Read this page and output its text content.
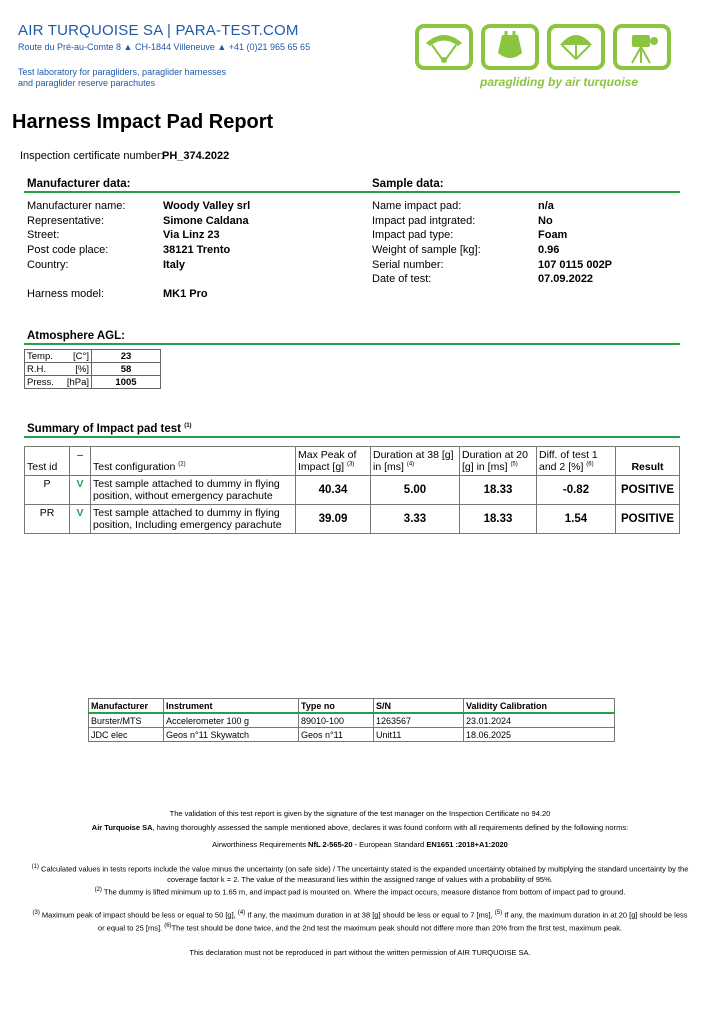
AIR TURQUOISE SA | PARA-TEST.COM
Route du Pré-au-Comte 8 ▲ CH-1844 Villeneuve ▲ +41 (0)21 965 65 65
Test laboratory for paragliders, paraglider harnesses
and paraglider reserve parachutes	paragliding by air turquoise
Harness Impact Pad Report
Inspection certificate number:
PH_374.2022
Manufacturer data:	Sample data:
Manufacturer name:	Woody Valley srl
Representative:	Simone Caldana
Street:	Via Linz 23
Post code place:	38121 Trento
Country:	Italy
Harness model:	MK1 Pro
Name impact pad:	n/a
Impact pad intgrated:	No
Impact pad type:	Foam
Weight of sample [kg]:	0.96
Serial number:	107 0115 002P
Date of test:	07.09.2022
Atmosphere AGL:
Temp. [C°]	23
R.H. [%]	58
Press. [hPa]	1005
Summary of Impact pad test $^{(1)}$
Test id	–	Test configuration $^{(2)}$	Max Peak of Impact [g] $^{(3)}$	Duration at 38 [g] in [ms] $^{(4)}$	Duration at 20 [g] in [ms] $^{(5)}$	Diff. of test 1 and 2 [%] $^{(6)}$	Result
P	V	Test sample attached to dummy in flying position, without emergency parachute	40.34	5.00	18.33	-0.82	POSITIVE
PR	V	Test sample attached to dummy in flying position, Including emergency parachute	39.09	3.33	18.33	1.54	POSITIVE
Manufacturer	Instrument	Type no	S/N	Validity Calibration
Burster/MTS	Accelerometer 100 g	89010-100	1263567	23.01.2024
JDC elec	Geos n°11 Skywatch	Geos n°11	Unit11	18.06.2025
The validation of this test report is given by the signature of the test manager on the Inspection Certificate no 94.20
Air Turquoise SA, having thoroughly assessed the sample mentioned above, declares it was found conform with all requirements defined by the following norms:
Airworthiness Requirements NfL 2-565-20 - European Standard EN1651 :2018+A1:2020
$^{(1)}$ Calculated values in tests reports include the value minus the uncertainty (on safe side) / The uncertainty stated is the expanded uncertainty obtained by multiplying the standard uncertainty by the coverage factor k = 2. The value of the measurand lies within the assigned range of values with a probability of 95%.
$^{(2)}$ The dummy is lifted minimum up to 1.65 m, and impact pad is mounted on. Where the impact occurs, measure distance from bottom of impact pad to ground.
$^{(3)}$ Maximum peak of impact should be less or equal to 50 [g], $^{(4)}$ If any, the maximum duration in at 38 [g] should be less or equal to 7 [ms], $^{(5)}$ If any, the maximum duration in at 20 [g] should be less or equal to 25 [ms]. $^{(6)}$The test should be done twice, and the 2nd test the maximum peak should not differe more than 20% from the first test, maximum peak.
This declaration must not be reproduced in part without the written permission of AIR TURQUOISE SA.
